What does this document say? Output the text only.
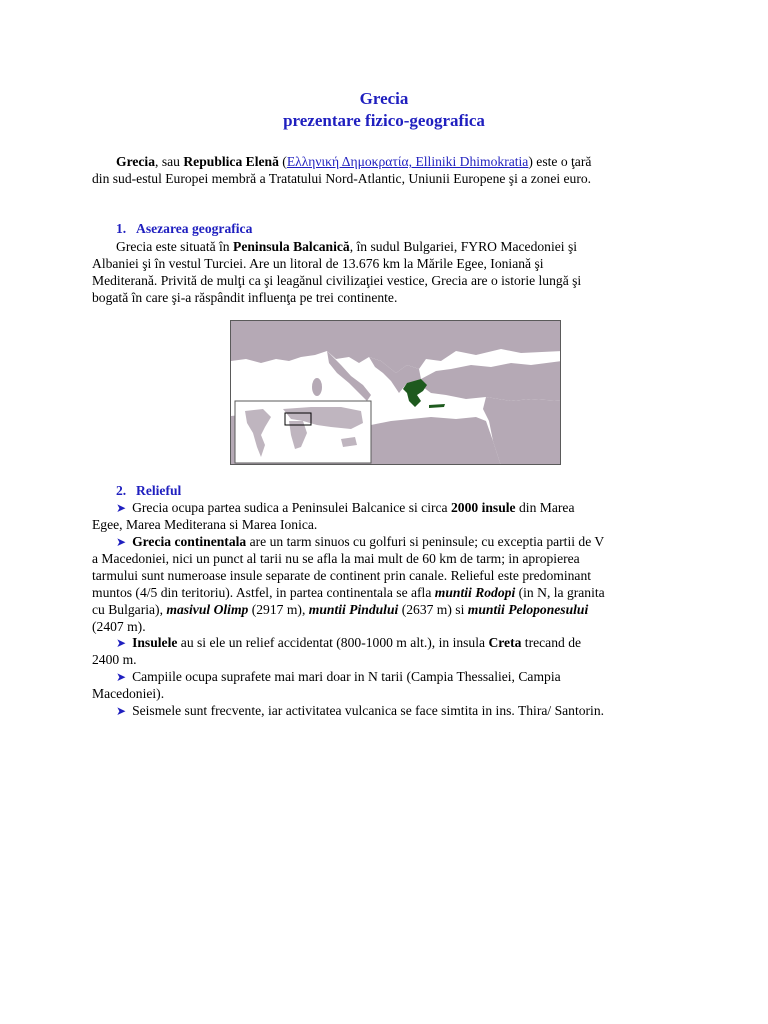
Grecia
prezentare fizico-geografica
Grecia, sau Republica Elenă (Ελληνική Δημοκρατία, Elliniki Dhimokratia) este o ţară
din sud-estul Europei membră a Tratatului Nord-Atlantic, Uniunii Europene şi a zonei euro.
1. Asezarea geografica
Grecia este situată în Peninsula Balcanică, în sudul Bulgariei, FYRO Macedoniei şi
Albaniei şi în vestul Turciei. Are un litoral de 13.676 km la Mările Egee, Ionianǎ şi
Mediteranǎ. Privită de mulţi ca şi leagănul civilizaţiei vestice, Grecia are o istorie lungă şi
bogată în care şi-a răspândit influenţa pe trei continente.
2. Relieful
➤ Grecia ocupa partea sudica a Peninsulei Balcanice si circa 2000 insule din Marea
Egee, Marea Mediterana si Marea Ionica.
➤ Grecia continentala are un tarm sinuos cu golfuri si peninsule; cu exceptia partii de V
a Macedoniei, nici un punct al tarii nu se afla la mai mult de 60 km de tarm; in apropierea
tarmului sunt numeroase insule separate de continent prin canale. Relieful este predominant
muntos (4/5 din teritoriu). Astfel, in partea continentala se afla muntii Rodopi (in N, la granita
cu Bulgaria), masivul Olimp (2917 m), muntii Pindului (2637 m) si muntii Peloponesului
(2407 m).
➤ Insulele au si ele un relief accidentat (800-1000 m alt.), in insula Creta trecand de
2400 m.
➤ Campiile ocupa suprafete mai mari doar in N tarii (Campia Thessaliei, Campia
Macedoniei).
➤ Seismele sunt frecvente, iar activitatea vulcanica se face simtita in ins. Thira/ Santorin.
